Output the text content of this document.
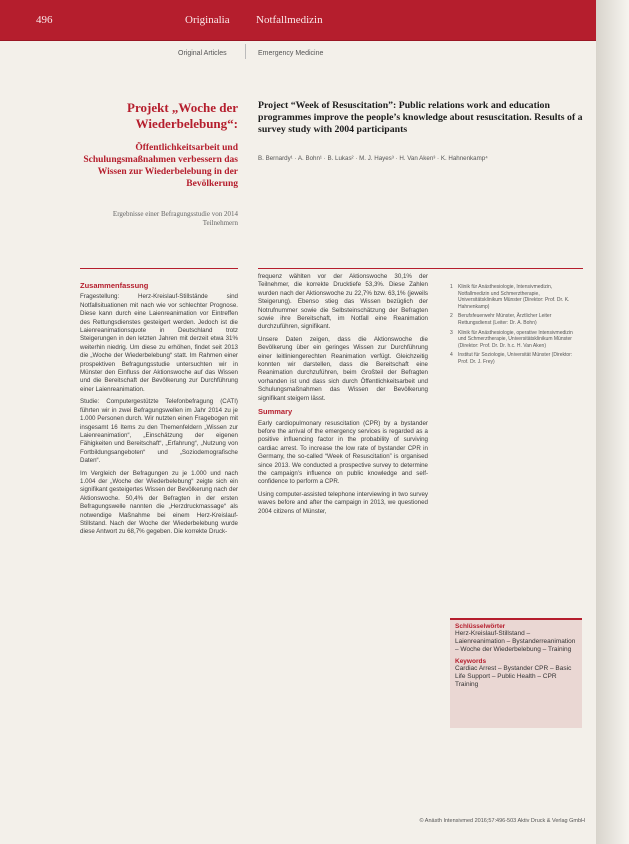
496	Originalia Notfallmedizin
Original Articles	Emergency Medicine
Projekt „Woche der Wiederbelebung“:
Öffentlichkeitsarbeit und Schulungsmaßnahmen verbessern das Wissen zur Wiederbelebung in der Bevölkerung
Ergebnisse einer Befragungsstudie von 2014 Teilnehmern
Project “Week of Resuscitation”: Public relations work and education programmes improve the people’s knowledge about resuscitation. Results of a survey study with 2004 participants
B. Bernardy¹ · A. Bohn¹ · B. Lukas² · M. J. Hayes³ · H. Van Aken³ · K. Hahnenkamp⁴
Zusammenfassung

Fragestellung: Herz-Kreislauf-Stillstände sind Notfallsituationen mit nach wie vor schlechter Prognose. Diese kann durch eine Laienreanimation vor Eintreffen des Rettungsdienstes gesteigert werden. Jedoch ist die Laienreanimationsquote in Deutschland trotz Steigerungen in den letzten Jahren mit derzeit etwa 31% weiterhin niedrig. Um diese zu erhöhen, findet seit 2013 die „Woche der Wiederbelebung“ statt. Im Rahmen einer prospektiven Befragungsstudie untersuchten wir in Münster den Einfluss der Aktionswoche auf das Wissen und die Bereitschaft der Bevölkerung zur Durchführung einer Laienreanimation.

Studie: Computergestützte Telefonbefragung (CATI) führten wir in zwei Befragungswellen im Jahr 2014 zu je 1.000 Personen durch. Wir nutzten einen Fragebogen mit insgesamt 16 Items zu den Themenfeldern „Wissen zur Laienreanimation“, „Einschätzung der eigenen Fähigkeiten und Bereitschaft“, „Erfahrung“, „Nutzung von Fortbildungsangeboten“ und „Soziodemografische Daten“.

Im Vergleich der Befragungen zu je 1.000 und nach 1.004 der „Woche der Wiederbelebung“ zeigte sich ein signifikant gesteigertes Wissen der Bevölkerung nach der Aktionswoche. 50,4% der Befragten in der ersten Befragungswelle nannten die „Herzdruckmassage“ als notwendige Maßnahme bei einem Herz-Kreislauf-Stillstand. Nach der Woche der Wiederbelebung wurde diese Antwort zu 68,7% gegeben. Die korrekte Druck-

frequenz wählten vor der Aktionswoche 30,1% der Teilnehmer, die korrekte Drucktiefe 53,3%. Diese Zahlen wurden nach der Aktionswoche zu 22,7% bzw. 63,1% (jeweils Steigerung). Ebenso stieg das Wissen bezüglich der Notrufnummer sowie die Selbsteinschätzung der Befragten sowie ihre Bereitschaft, im Notfall eine Reanimation durchzuführen, signifikant.

Unsere Daten zeigen, dass die Aktionswoche die Bevölkerung über ein geringes Wissen zur Durchführung einer leitliniengerechten Reanimation verfügt. Gleichzeitig konnten wir darstellen, dass die Bereitschaft eine Reanimation durchzuführen, beim Großteil der Befragten vorhanden ist und dass sich durch Öffentlichkeitsarbeit und Schulungsmaßnahmen das Wissen der Bevölkerung signifikant steigern lässt.

Summary

Early cardiopulmonary resuscitation (CPR) by a bystander before the arrival of the emergency services is regarded as a positive influencing factor in the probability of surviving cardiac arrest. To increase the low rate of bystander CPR in Germany, the so-called “Week of Resuscitation” is organised since 2013. We conducted a prospective survey to determine the campaign’s influence on public knowledge and self-confidence to perform a CPR.

Using computer-assisted telephone interviewing in two survey waves before and after the campaign in 2013, we questioned 2004 citizens of Münster,

1	Klinik für Anästhesiologie, Intensivmedizin, Notfallmedizin und Schmerztherapie, Universitätsklinikum Münster (Direktor: Prof. Dr. K. Hahnenkamp)
2	Berufsfeuerwehr Münster, Ärztlicher Leiter Rettungsdienst (Leiter: Dr. A. Bohn)
3	Klinik für Anästhesiologie, operative Intensivmedizin und Schmerztherapie, Universitätsklinikum Münster (Direktor: Prof. Dr. Dr. h.c. H. Van Aken)
4	Institut für Soziologie, Universität Münster (Direktor: Prof. Dr. J. Frey)
Schlüsselwörter
Herz-Kreislauf-Stillstand – Laienreanimation – Bystanderreanimation – Woche der Wiederbelebung – Training
Keywords
Cardiac Arrest – Bystander CPR – Basic Life Support – Public Health – CPR Training
© Anästh Intensivmed 2016;57:496-503 Aktiv Druck & Verlag GmbH
